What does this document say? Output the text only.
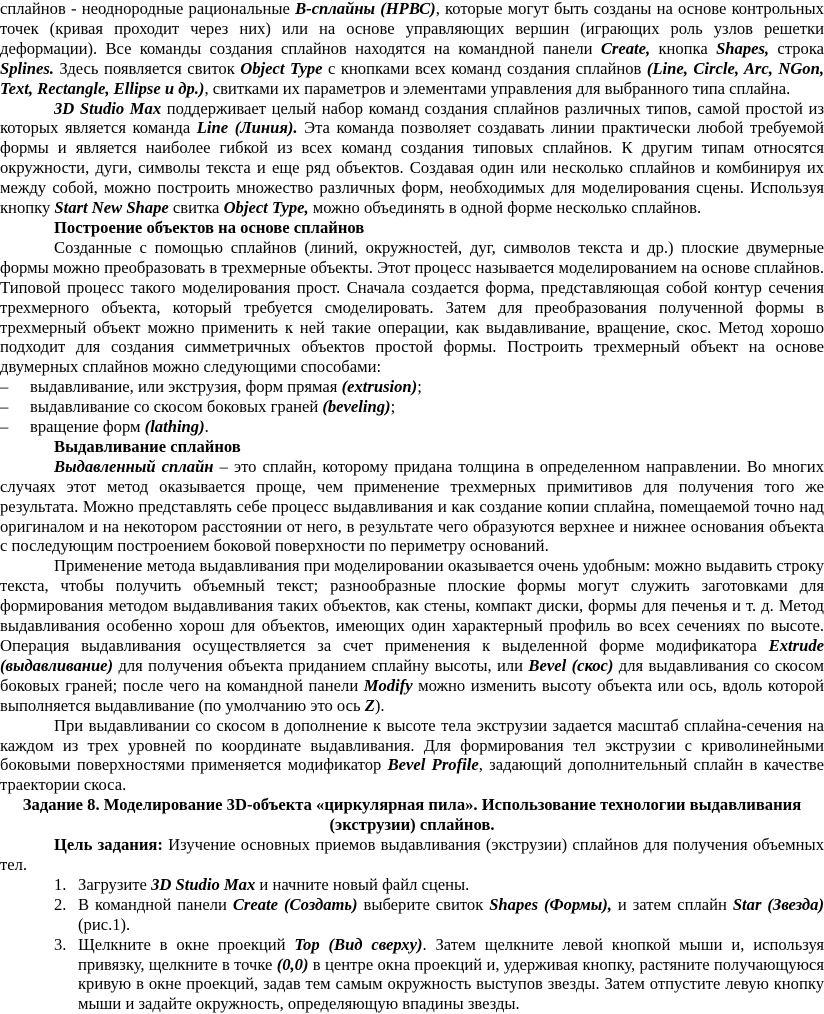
сплайнов - неоднородные рациональные В-сплайны (НРВС), которые могут быть созданы на основе контрольных точек (кривая проходит через них) или на основе управляющих вершин (играющих роль узлов решетки деформации). Все команды создания сплайнов находятся на командной панели Create, кнопка Shapes, строка Splines. Здесь появляется свиток Object Type с кнопками всех команд создания сплайнов (Line, Circle, Arc, NGon, Text, Rectangle, Ellipse и др.), свитками их параметров и элементами управления для выбранного типа сплайна.

3D Studio Max поддерживает целый набор команд создания сплайнов различных типов, самой простой из которых является команда Line (Линия). Эта команда позволяет создавать линии практически любой требуемой формы и является наиболее гибкой из всех команд создания типовых сплайнов. К другим типам относятся окружности, дуги, символы текста и еще ряд объектов. Создавая один или несколько сплайнов и комбинируя их между собой, можно построить множество различных форм, необходимых для моделирования сцены. Используя кнопку Start New Shape свитка Object Type, можно объединять в одной форме несколько сплайнов.

Построение объектов на основе сплайнов

Созданные с помощью сплайнов (линий, окружностей, дуг, символов текста и др.) плоские двумерные формы можно преобразовать в трехмерные объекты. Этот процесс называется моделированием на основе сплайнов. Типовой процесс такого моделирования прост. Сначала создается форма, представляющая собой контур сечения трехмерного объекта, который требуется смоделировать. Затем для преобразования полученной формы в трехмерный объект можно применить к ней такие операции, как выдавливание, вращение, скос. Метод хорошо подходит для создания симметричных объектов простой формы. Построить трехмерный объект на основе двумерных сплайнов можно следующими способами:

– выдавливание, или экструзия, форм прямая (extrusion);

– выдавливание со скосом боковых граней (beveling);

– вращение форм (lathing).

Выдавливание сплайнов

Выдавленный сплайн – это сплайн, которому придана толщина в определенном направлении. Во многих случаях этот метод оказывается проще, чем применение трехмерных примитивов для получения того же результата. Можно представлять себе процесс выдавливания и как создание копии сплайна, помещаемой точно над оригиналом и на некотором расстоянии от него, в результате чего образуются верхнее и нижнее основания объекта с последующим построением боковой поверхности по периметру оснований.

Применение метода выдавливания при моделировании оказывается очень удобным: можно выдавить строку текста, чтобы получить объемный текст; разнообразные плоские формы могут служить заготовками для формирования методом выдавливания таких объектов, как стены, компакт диски, формы для печенья и т. д. Метод выдавливания особенно хорош для объектов, имеющих один характерный профиль во всех сечениях по высоте. Операция выдавливания осуществляется за счет применения к выделенной форме модификатора Extrude (выдавливание) для получения объекта приданием сплайну высоты, или Bevel (скос) для выдавливания со скосом боковых граней; после чего на командной панели Modify можно изменить высоту объекта или ось, вдоль которой выполняется выдавливание (по умолчанию это ось Z).

При выдавливании со скосом в дополнение к высоте тела экструзии задается масштаб сплайна-сечения на каждом из трех уровней по координате выдавливания. Для формирования тел экструзии с криволинейными боковыми поверхностями применяется модификатор Bevel Profile, задающий дополнительный сплайн в качестве траектории скоса.

Задание 8. Моделирование 3D-объекта «циркулярная пила». Использование технологии выдавливания (экструзии) сплайнов.

Цель задания: Изучение основных приемов выдавливания (экструзии) сплайнов для получения объемных тел.

1. Загрузите 3D Studio Max и начните новый файл сцены.
2. В командной панели Create (Создать) выберите свиток Shapes (Формы), и затем сплайн Star (Звезда) (рис.1).
3. Щелкните в окне проекций Top (Вид сверху). Затем щелкните левой кнопкой мыши и, используя привязку, щелкните в точке (0,0) в центре окна проекций и, удерживая кнопку, растяните получающуюся кривую в окне проекций, задав тем самым окружность выступов звезды. Затем отпустите левую кнопку мыши и задайте окружность, определяющую впадины звезды.
